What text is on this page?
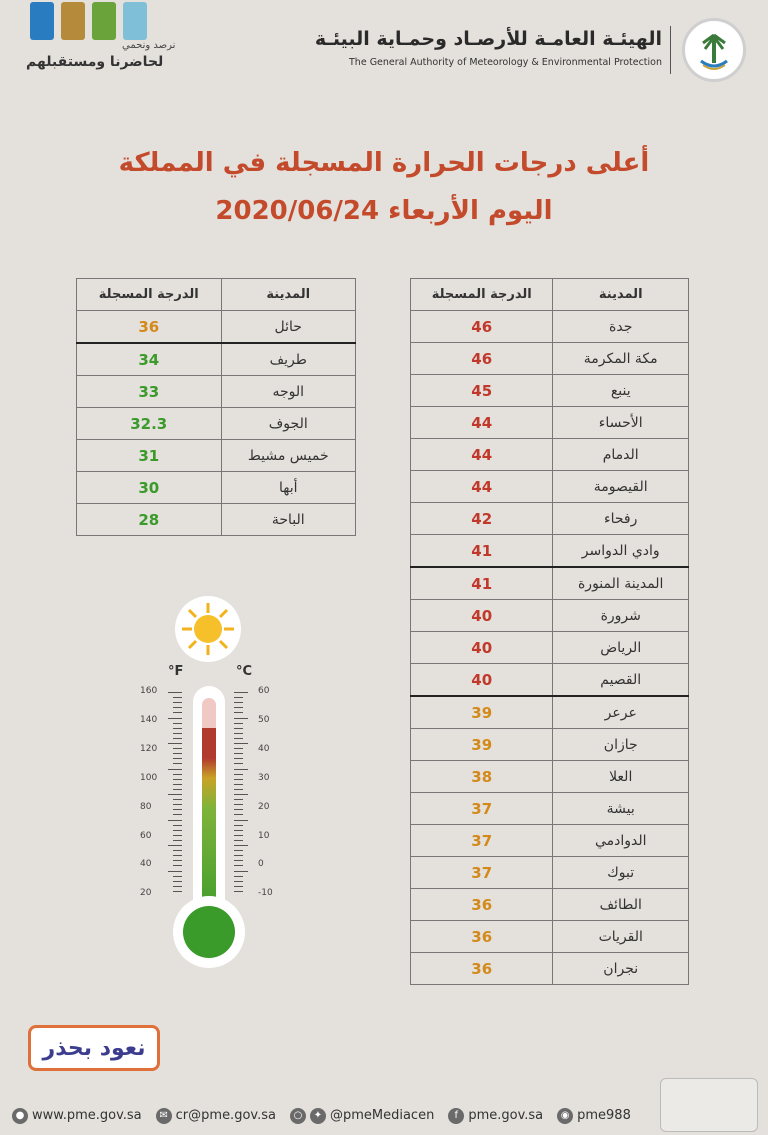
نرصد ونحمي
لحاضرنا ومستقبلهم
الهيئـة العامـة للأرصـاد وحمـاية البيئـة
The General Authority of Meteorology & Environmental Protection
أعلى درجات الحرارة المسجلة في المملكة
اليوم الأربعاء 2020/06/24
الدرجة المسجلة	المدينة
46	جدة
46	مكة المكرمة
45	ينبع
44	الأحساء
44	الدمام
44	القيصومة
42	رفحاء
41	وادي الدواسر
41	المدينة المنورة
40	شرورة
40	الرياض
40	القصيم
39	عرعر
39	جازان
38	العلا
37	بيشة
37	الدوادمي
37	تبوك
36	الطائف
36	القريات
36	نجران
الدرجة المسجلة	المدينة
36	حائل
34	طريف
33	الوجه
32.3	الجوف
31	خميس مشيط
30	أبها
28	الباحة
°F	°C
160
140
120
100
80
60
40
20
60
50
40
30
20
10
0
-10
نعود بحذر
● www.pme.gov.sa	✉ cr@pme.gov.sa	○	✦ @pmeMediacen	f pme.gov.sa	◉ pme988
